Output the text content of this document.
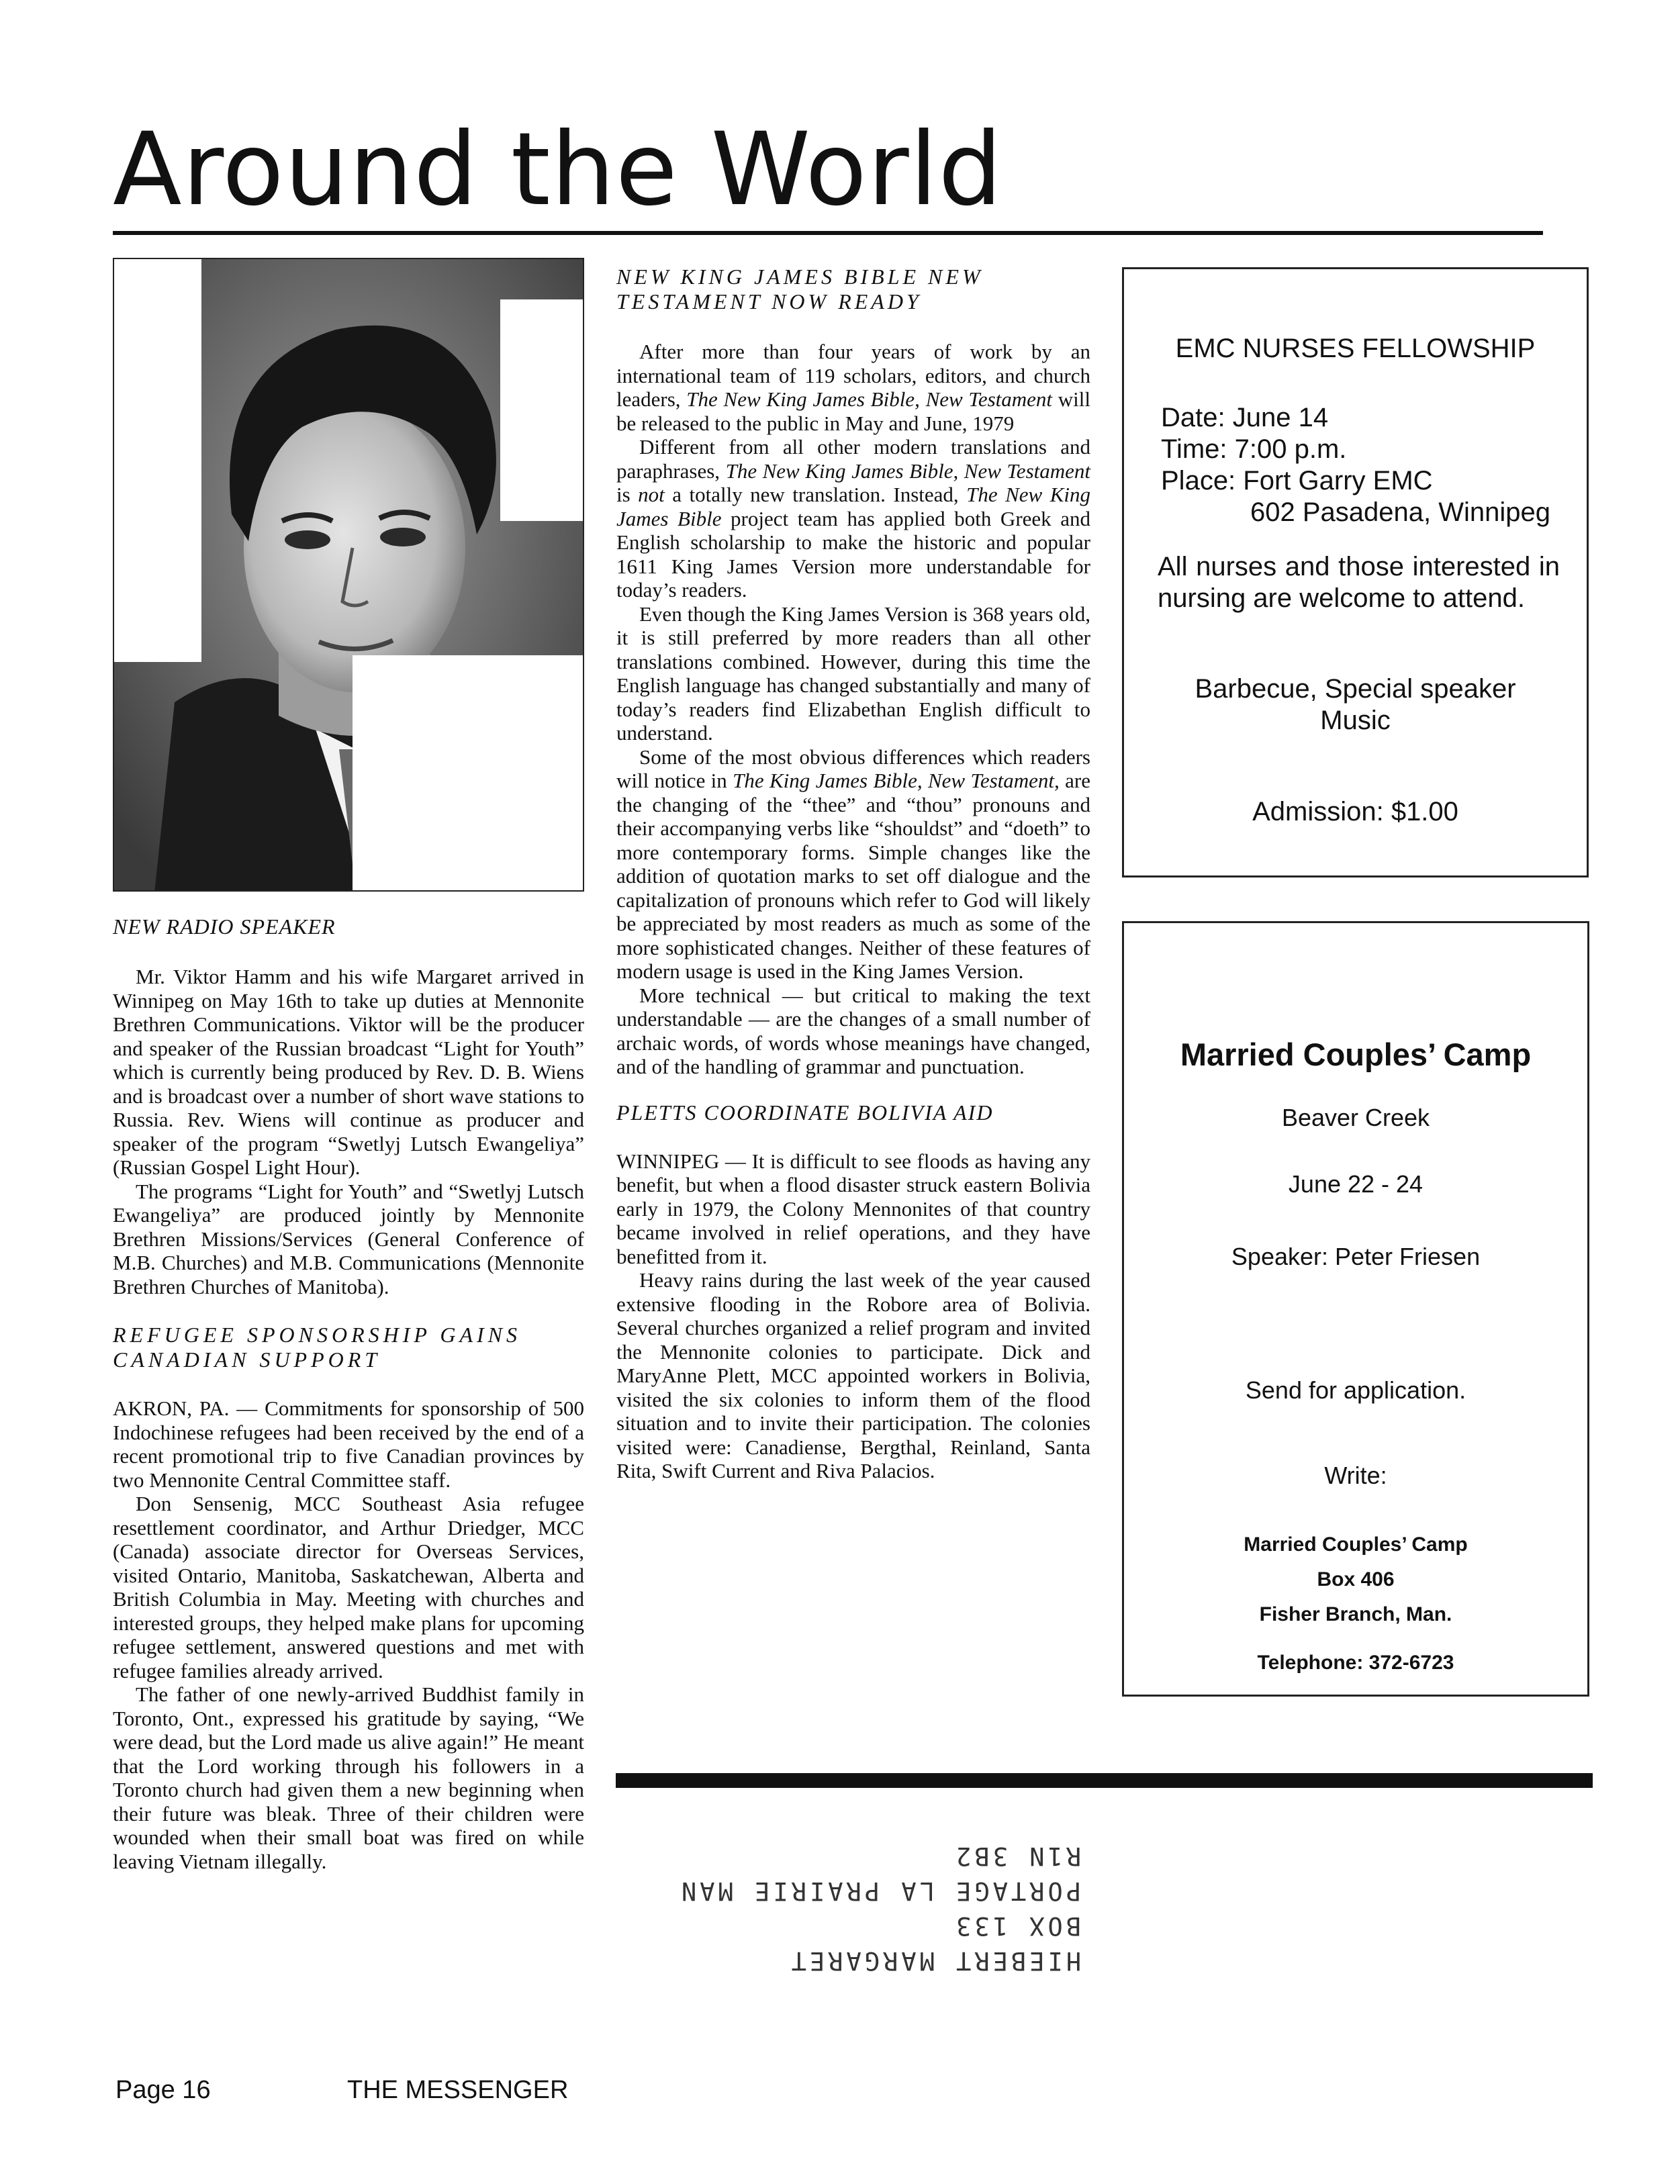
Around the World
NEW RADIO SPEAKER

Mr. Viktor Hamm and his wife Margaret arrived in Winnipeg on May 16th to take up duties at Mennonite Brethren Communications. Viktor will be the producer and speaker of the Russian broadcast “Light for Youth” which is currently being produced by Rev. D. B. Wiens and is broadcast over a number of short wave stations to Russia. Rev. Wiens will continue as producer and speaker of the program “Swetlyj Lutsch Ewangeliya” (Russian Gospel Light Hour).

The programs “Light for Youth” and “Swetlyj Lutsch Ewangeliya” are produced jointly by Mennonite Brethren Missions/Services (General Conference of M.B. Churches) and M.B. Communications (Mennonite Brethren Churches of Manitoba).

REFUGEE SPONSORSHIP GAINS CANADIAN SUPPORT

AKRON, PA. — Commitments for sponsorship of 500 Indochinese refugees had been received by the end of a recent promotional trip to five Canadian provinces by two Mennonite Central Committee staff.

Don Sensenig, MCC Southeast Asia refugee resettlement coordinator, and Arthur Driedger, MCC (Canada) associate director for Overseas Services, visited Ontario, Manitoba, Saskatchewan, Alberta and British Columbia in May. Meeting with churches and interested groups, they helped make plans for upcoming refugee settlement, answered questions and met with refugee families already arrived.

The father of one newly-arrived Buddhist family in Toronto, Ont., expressed his gratitude by saying, “We were dead, but the Lord made us alive again!” He meant that the Lord working through his followers in a Toronto church had given them a new beginning when their future was bleak. Three of their children were wounded when their small boat was fired on while leaving Vietnam illegally.

NEW KING JAMES BIBLE NEW TESTAMENT NOW READY

After more than four years of work by an international team of 119 scholars, editors, and church leaders, The New King James Bible, New Testament will be released to the public in May and June, 1979

Different from all other modern translations and paraphrases, The New King James Bible, New Testament is not a totally new translation. Instead, The New King James Bible project team has applied both Greek and English scholarship to make the historic and popular 1611 King James Version more understandable for today’s readers.

Even though the King James Version is 368 years old, it is still preferred by more readers than all other translations combined. However, during this time the English language has changed substantially and many of today’s readers find Elizabethan English difficult to understand.

Some of the most obvious differences which readers will notice in The King James Bible, New Testament, are the changing of the “thee” and “thou” pronouns and their accompanying verbs like “shouldst” and “doeth” to more contemporary forms. Simple changes like the addition of quotation marks to set off dialogue and the capitalization of pronouns which refer to God will likely be appreciated by most readers as much as some of the more sophisticated changes. Neither of these features of modern usage is used in the King James Version.

More technical — but critical to making the text understandable — are the changes of a small number of archaic words, of words whose meanings have changed, and of the handling of grammar and punctuation.

PLETTS COORDINATE BOLIVIA AID

WINNIPEG — It is difficult to see floods as having any benefit, but when a flood disaster struck eastern Bolivia early in 1979, the Colony Mennonites of that country became involved in relief operations, and they have benefitted from it.

Heavy rains during the last week of the year caused extensive flooding in the Robore area of Bolivia. Several churches organized a relief program and invited the Mennonite colonies to participate. Dick and MaryAnne Plett, MCC appointed workers in Bolivia, visited the six colonies to inform them of the flood situation and to invite their participation. The colonies visited were: Canadiense, Bergthal, Reinland, Santa Rita, Swift Current and Riva Palacios.

EMC NURSES FELLOWSHIP
Date: June 14
Time: 7:00 p.m.
Place: Fort Garry EMC
602 Pasadena, Winnipeg
All nurses and those interested in nursing are welcome to attend.
Barbecue, Special speaker Music
Admission: $1.00
Married Couples’ Camp
Beaver Creek
June 22 - 24
Speaker: Peter Friesen
Send for application.
Write:
Married Couples’ Camp
Box 406
Fisher Branch, Man.
Telephone: 372-6723
HIEBERT MARGARET
BOX 133
PORTAGE LA PRAIRIE MAN
R1N 3B2
Page 16	THE MESSENGER
